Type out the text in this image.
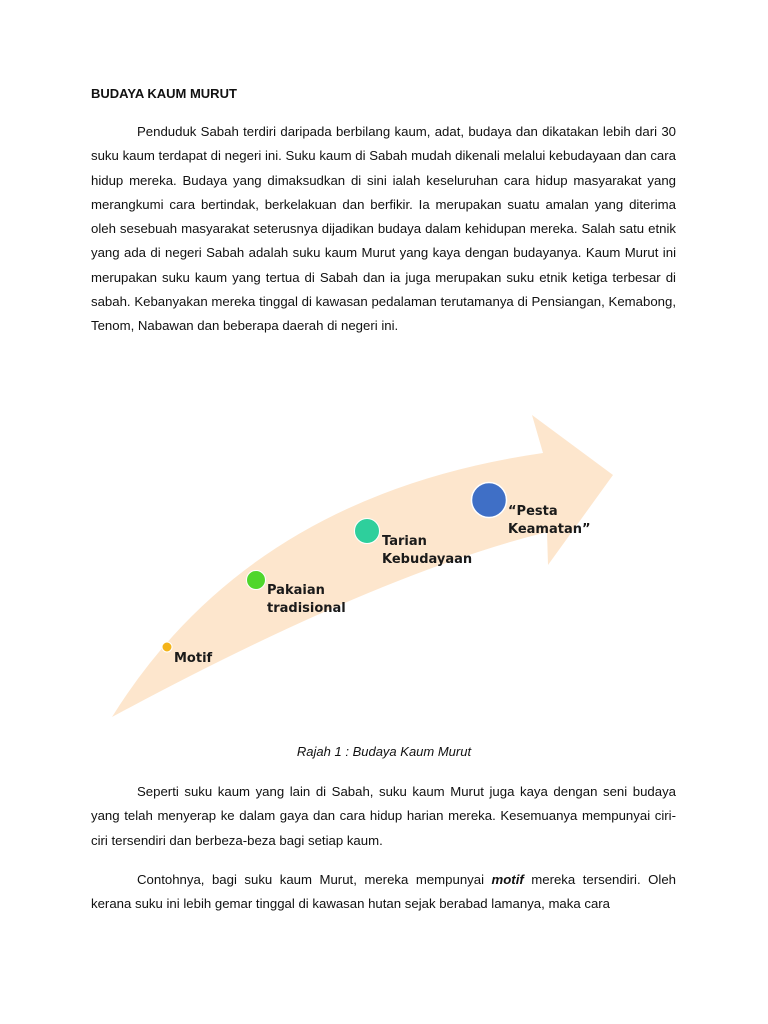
BUDAYA KAUM MURUT

Penduduk Sabah terdiri daripada berbilang kaum, adat, budaya dan dikatakan lebih dari 30 suku kaum terdapat di negeri ini. Suku kaum di Sabah mudah dikenali melalui kebudayaan dan cara hidup mereka. Budaya yang dimaksudkan di sini ialah keseluruhan cara hidup masyarakat yang merangkumi cara bertindak, berkelakuan dan berfikir. Ia merupakan suatu amalan yang diterima oleh sesebuah masyarakat seterusnya dijadikan budaya dalam kehidupan mereka. Salah satu etnik yang ada di negeri Sabah adalah suku kaum Murut yang kaya dengan budayanya. Kaum Murut ini merupakan suku kaum yang tertua di Sabah dan ia juga merupakan suku etnik ketiga terbesar di sabah. Kebanyakan mereka tinggal di kawasan pedalaman terutamanya di Pensiangan, Kemabong, Tenom, Nabawan dan beberapa daerah di negeri ini.

Motif
Pakaian
tradisional
Tarian
Kebudayaan
“Pesta
Keamatan”
Rajah 1 : Budaya Kaum Murut

Seperti suku kaum yang lain di Sabah, suku kaum Murut juga kaya dengan seni budaya yang telah menyerap ke dalam gaya dan cara hidup harian mereka. Kesemuanya mempunyai ciri-ciri tersendiri dan berbeza-beza bagi setiap kaum.

Contohnya, bagi suku kaum Murut, mereka mempunyai motif mereka tersendiri. Oleh kerana suku ini lebih gemar tinggal di kawasan hutan sejak berabad lamanya, maka cara
